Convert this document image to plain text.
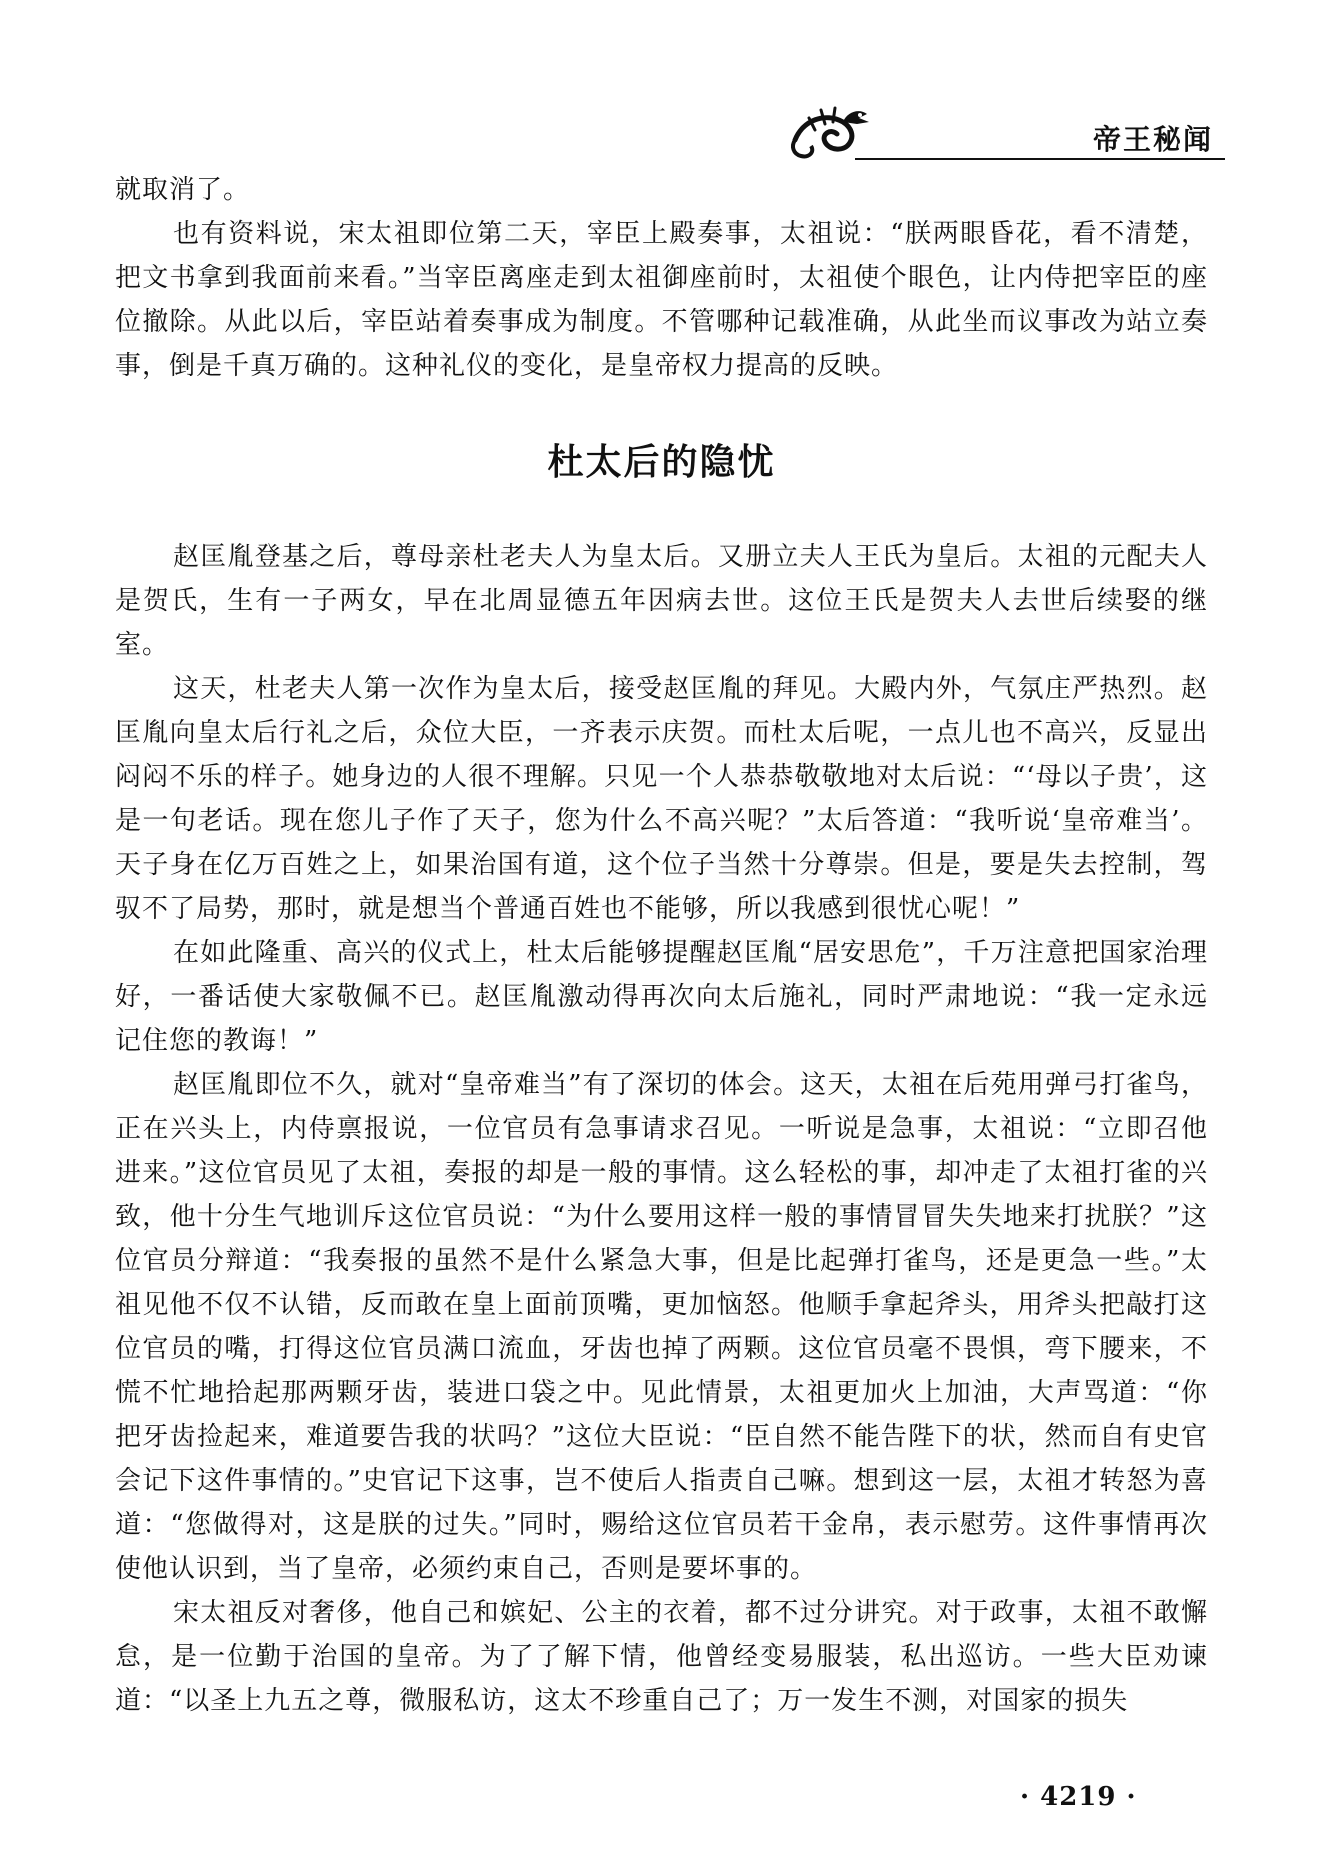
帝王秘闻

就取消了。

也有资料说，宋太祖即位第二天，宰臣上殿奏事，太祖说：“朕两眼昏花，看不清楚，把文书拿到我面前来看。”当宰臣离座走到太祖御座前时，太祖使个眼色，让内侍把宰臣的座位撤除。从此以后，宰臣站着奏事成为制度。不管哪种记载准确，从此坐而议事改为站立奏事，倒是千真万确的。这种礼仪的变化，是皇帝权力提高的反映。

杜太后的隐忧

赵匡胤登基之后，尊母亲杜老夫人为皇太后。又册立夫人王氏为皇后。太祖的元配夫人是贺氏，生有一子两女，早在北周显德五年因病去世。这位王氏是贺夫人去世后续娶的继室。

这天，杜老夫人第一次作为皇太后，接受赵匡胤的拜见。大殿内外，气氛庄严热烈。赵匡胤向皇太后行礼之后，众位大臣，一齐表示庆贺。而杜太后呢，一点儿也不高兴，反显出闷闷不乐的样子。她身边的人很不理解。只见一个人恭恭敬敬地对太后说：“‘母以子贵’，这是一句老话。现在您儿子作了天子，您为什么不高兴呢？”太后答道：“我听说‘皇帝难当’。天子身在亿万百姓之上，如果治国有道，这个位子当然十分尊崇。但是，要是失去控制，驾驭不了局势，那时，就是想当个普通百姓也不能够，所以我感到很忧心呢！”

在如此隆重、高兴的仪式上，杜太后能够提醒赵匡胤“居安思危”，千万注意把国家治理好，一番话使大家敬佩不已。赵匡胤激动得再次向太后施礼，同时严肃地说：“我一定永远记住您的教诲！”

赵匡胤即位不久，就对“皇帝难当”有了深切的体会。这天，太祖在后苑用弹弓打雀鸟，正在兴头上，内侍禀报说，一位官员有急事请求召见。一听说是急事，太祖说：“立即召他进来。”这位官员见了太祖，奏报的却是一般的事情。这么轻松的事，却冲走了太祖打雀的兴致，他十分生气地训斥这位官员说：“为什么要用这样一般的事情冒冒失失地来打扰朕？”这位官员分辩道：“我奏报的虽然不是什么紧急大事，但是比起弹打雀鸟，还是更急一些。”太祖见他不仅不认错，反而敢在皇上面前顶嘴，更加恼怒。他顺手拿起斧头，用斧头把敲打这位官员的嘴，打得这位官员满口流血，牙齿也掉了两颗。这位官员毫不畏惧，弯下腰来，不慌不忙地拾起那两颗牙齿，装进口袋之中。见此情景，太祖更加火上加油，大声骂道：“你把牙齿捡起来，难道要告我的状吗？”这位大臣说：“臣自然不能告陛下的状，然而自有史官会记下这件事情的。”史官记下这事，岂不使后人指责自己嘛。想到这一层，太祖才转怒为喜道：“您做得对，这是朕的过失。”同时，赐给这位官员若干金帛，表示慰劳。这件事情再次使他认识到，当了皇帝，必须约束自己，否则是要坏事的。

宋太祖反对奢侈，他自己和嫔妃、公主的衣着，都不过分讲究。对于政事，太祖不敢懈怠，是一位勤于治国的皇帝。为了了解下情，他曾经变易服装，私出巡访。一些大臣劝谏道：“以圣上九五之尊，微服私访，这太不珍重自己了；万一发生不测，对国家的损失

· 4219 ·
